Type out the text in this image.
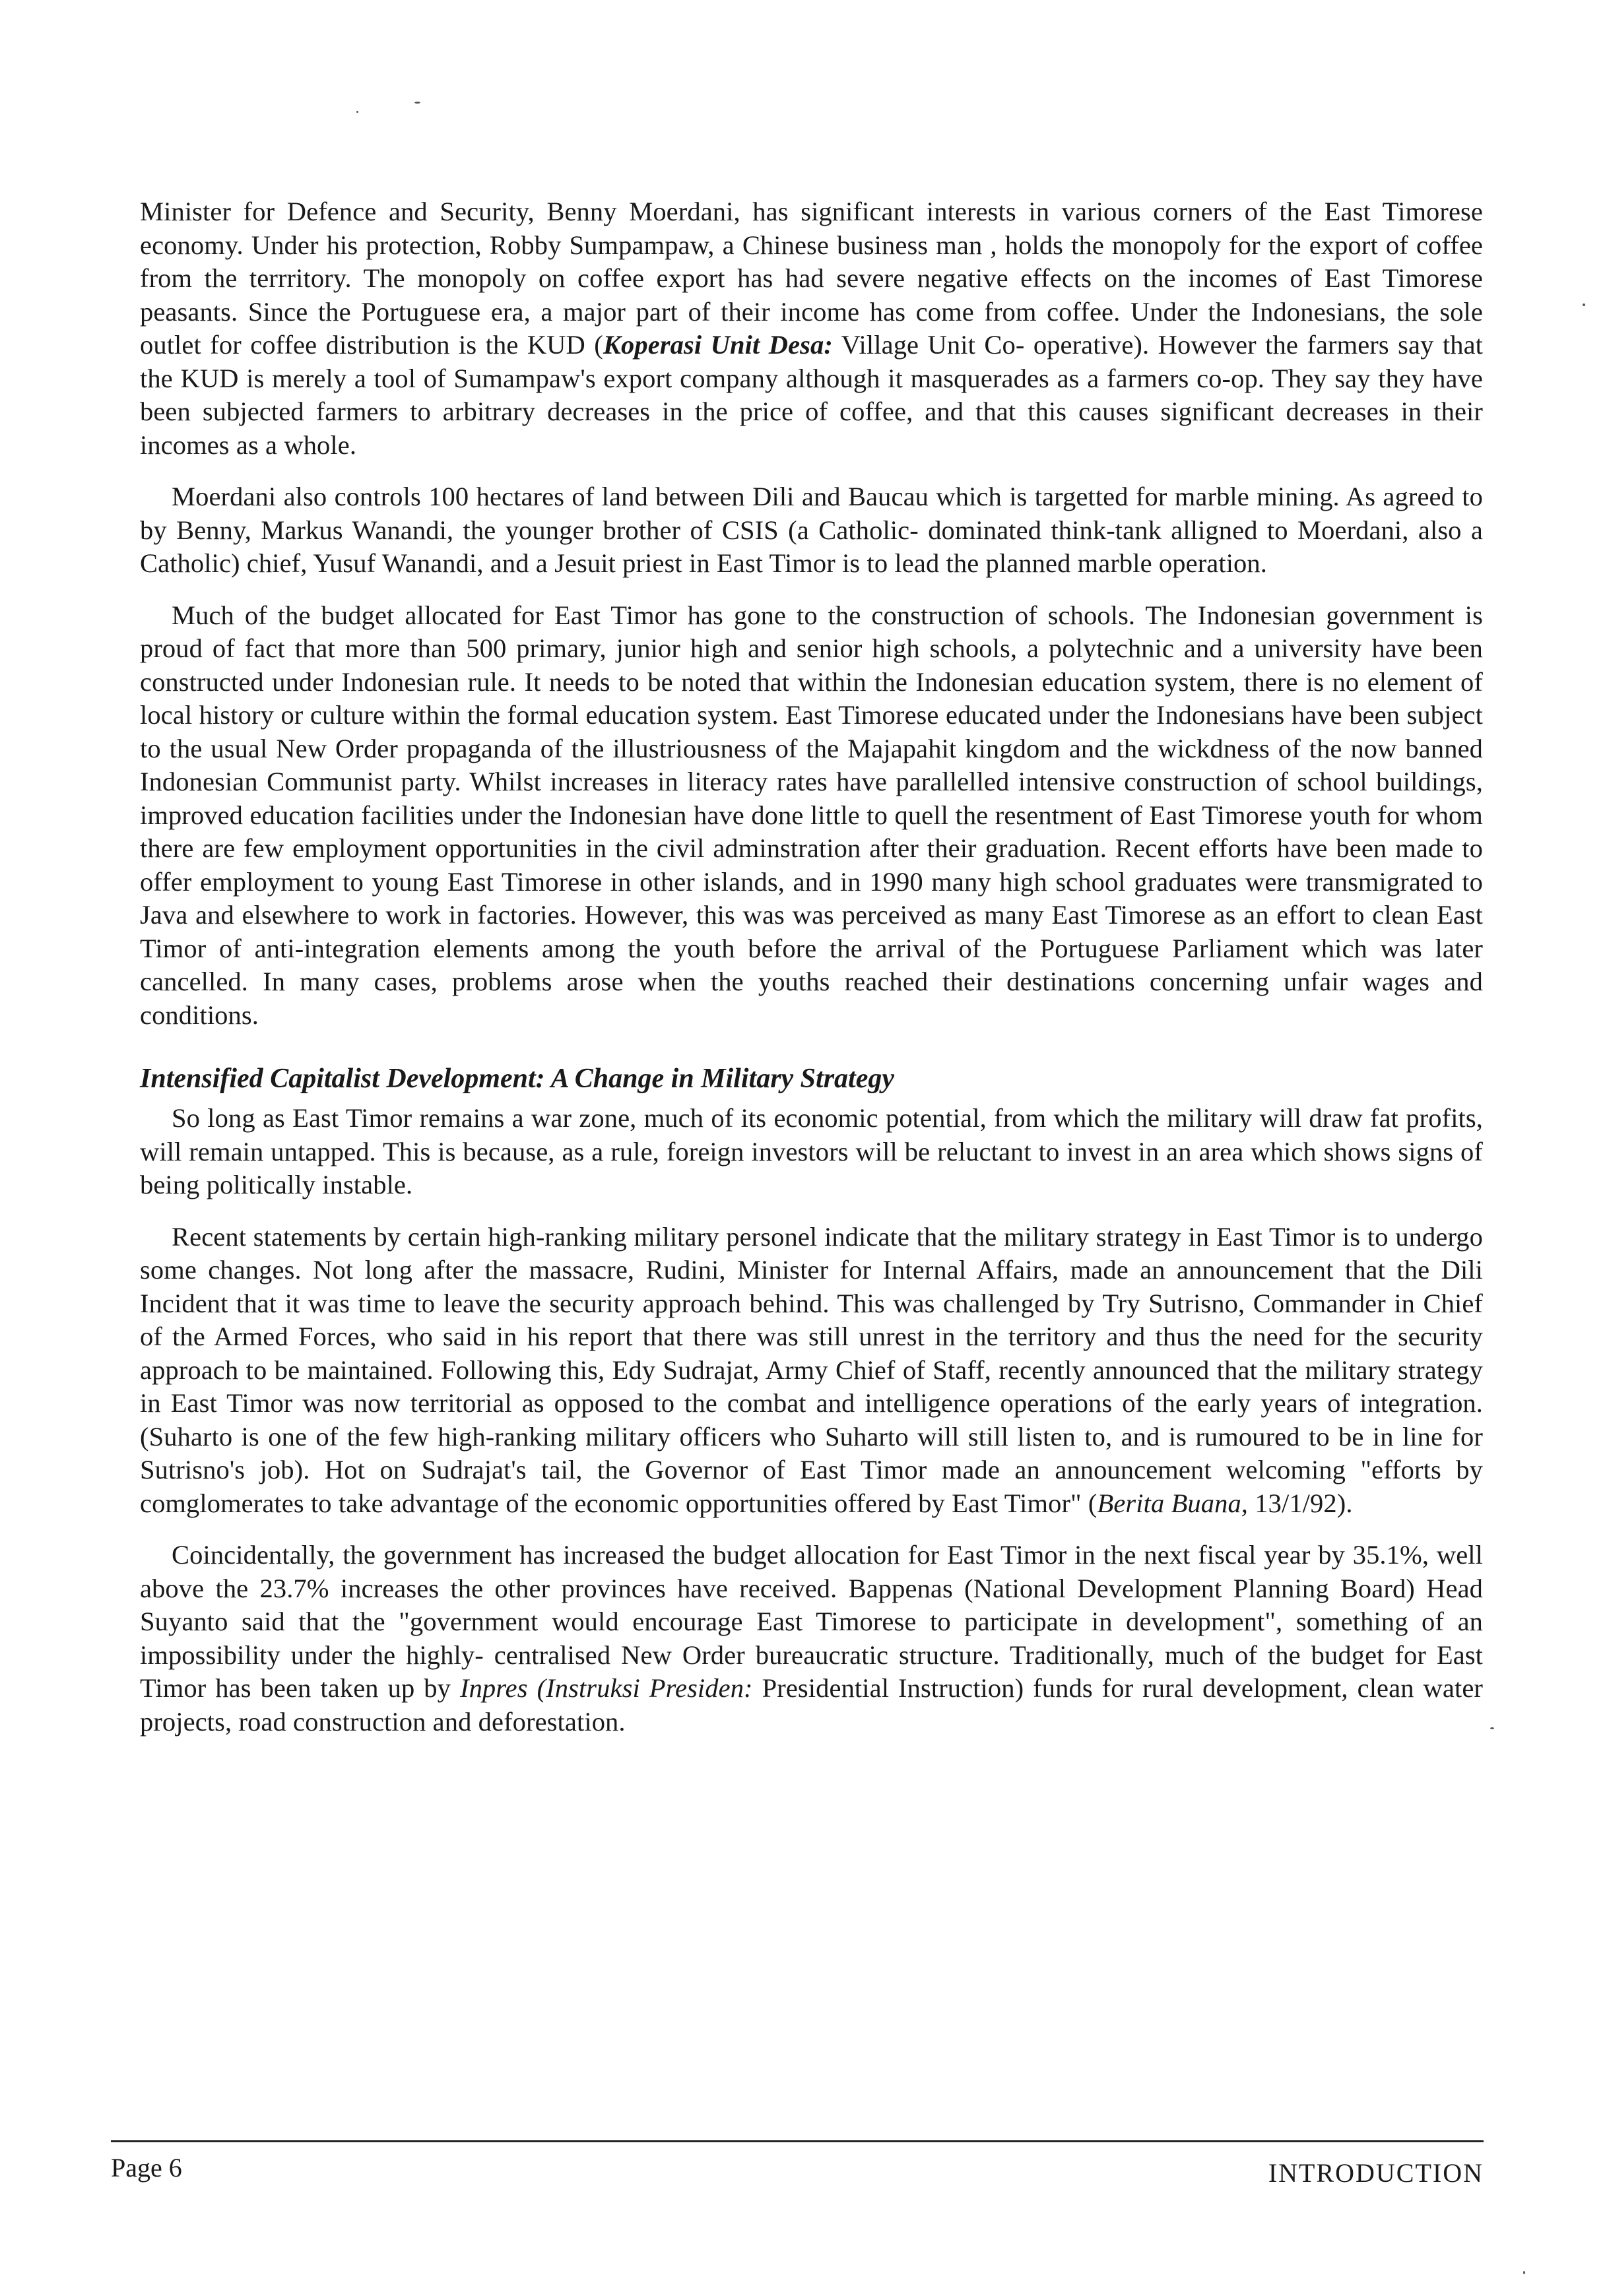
Minister for Defence and Security, Benny Moerdani, has significant interests in various corners of the East Timorese economy. Under his protection, Robby Sumpampaw, a Chinese business man , holds the monopoly for the export of coffee from the terrritory. The monopoly on coffee export has had severe negative effects on the incomes of East Timorese peasants. Since the Portuguese era, a major part of their income has come from coffee. Under the Indonesians, the sole outlet for coffee distribution is the KUD (Koperasi Unit Desa: Village Unit Co- operative). However the farmers say that the KUD is merely a tool of Sumampaw's export company although it masquerades as a farmers co-op. They say they have been subjected farmers to arbitrary decreases in the price of coffee, and that this causes significant decreases in their incomes as a whole.

Moerdani also controls 100 hectares of land between Dili and Baucau which is targetted for marble mining. As agreed to by Benny, Markus Wanandi, the younger brother of CSIS (a Catholic- dominated think-tank alligned to Moerdani, also a Catholic) chief, Yusuf Wanandi, and a Jesuit priest in East Timor is to lead the planned marble operation.

Much of the budget allocated for East Timor has gone to the construction of schools. The Indonesian government is proud of fact that more than 500 primary, junior high and senior high schools, a polytechnic and a university have been constructed under Indonesian rule. It needs to be noted that within the Indonesian education system, there is no element of local history or culture within the formal education system. East Timorese educated under the Indonesians have been subject to the usual New Order propaganda of the illustriousness of the Majapahit kingdom and the wickdness of the now banned Indonesian Communist party. Whilst increases in literacy rates have parallelled intensive construction of school buildings, improved education facilities under the Indonesian have done little to quell the resentment of East Timorese youth for whom there are few employment opportunities in the civil adminstration after their graduation. Recent efforts have been made to offer employment to young East Timorese in other islands, and in 1990 many high school graduates were transmigrated to Java and elsewhere to work in factories. However, this was was perceived as many East Timorese as an effort to clean East Timor of anti-integration elements among the youth before the arrival of the Portuguese Parliament which was later cancelled. In many cases, problems arose when the youths reached their destinations concerning unfair wages and conditions.

Intensified Capitalist Development: A Change in Military Strategy

So long as East Timor remains a war zone, much of its economic potential, from which the military will draw fat profits, will remain untapped. This is because, as a rule, foreign investors will be reluctant to invest in an area which shows signs of being politically instable.

Recent statements by certain high-ranking military personel indicate that the military strategy in East Timor is to undergo some changes. Not long after the massacre, Rudini, Minister for Internal Affairs, made an announcement that the Dili Incident that it was time to leave the security approach behind. This was challenged by Try Sutrisno, Commander in Chief of the Armed Forces, who said in his report that there was still unrest in the territory and thus the need for the security approach to be maintained. Following this, Edy Sudrajat, Army Chief of Staff, recently announced that the military strategy in East Timor was now territorial as opposed to the combat and intelligence operations of the early years of integration. (Suharto is one of the few high-ranking military officers who Suharto will still listen to, and is rumoured to be in line for Sutrisno's job). Hot on Sudrajat's tail, the Governor of East Timor made an announcement welcoming "efforts by comglomerates to take advantage of the economic opportunities offered by East Timor" (Berita Buana, 13/1/92).

Coincidentally, the government has increased the budget allocation for East Timor in the next fiscal year by 35.1%, well above the 23.7% increases the other provinces have received. Bappenas (National Development Planning Board) Head Suyanto said that the "government would encourage East Timorese to participate in development", something of an impossibility under the highly- centralised New Order bureaucratic structure. Traditionally, much of the budget for East Timor has been taken up by Inpres (Instruksi Presiden: Presidential Instruction) funds for rural development, clean water projects, road construction and deforestation.

Page 6	INTRODUCTION
